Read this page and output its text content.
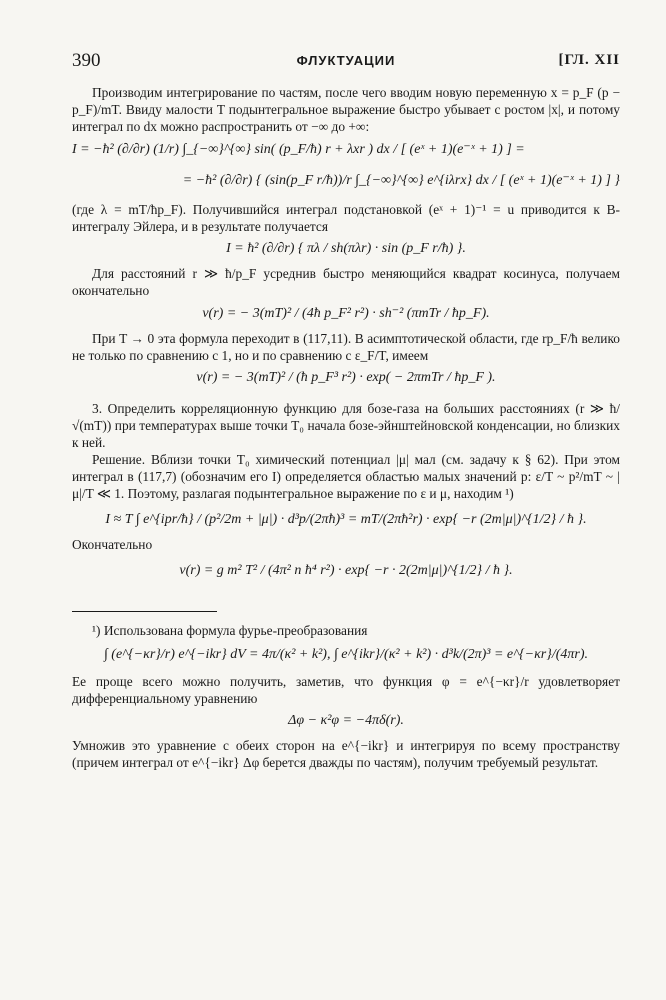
390	ФЛУКТУАЦИИ	[ГЛ. XII

Производим интегрирование по частям, после чего вводим новую переменную x = p_F (p − p_F)/mT. Ввиду малости T подынтегральное выражение быстро убывает с ростом |x|, и потому интеграл по dx можно распространить от −∞ до +∞:

I = −ħ² (∂/∂r) (1/r) ∫_{−∞}^{∞} sin( (p_F/ħ) r + λxr ) dx / [ (eˣ + 1)(e⁻ˣ + 1) ] =

= −ħ² (∂/∂r) { (sin(p_F r/ħ))/r ∫_{−∞}^{∞} e^{iλrx} dx / [ (eˣ + 1)(e⁻ˣ + 1) ] }

(где λ = mT/ħp_F). Получившийся интеграл подстановкой (eˣ + 1)⁻¹ = u приводится к B-интегралу Эйлера, и в результате получается

I = ħ² (∂/∂r) { πλ / sh(πλr) · sin (p_F r/ħ) }.

Для расстояний r ≫ ħ/p_F усреднив быстро меняющийся квадрат косинуса, получаем окончательно

ν(r) = − 3(mT)² / (4ħ p_F² r²) · sh⁻² (πmTr / ħp_F).

При T → 0 эта формула переходит в (117,11). В асимптотической области, где rp_F/ħ велико не только по сравнению с 1, но и по сравнению с ε_F/T, имеем

ν(r) = − 3(mT)² / (ħ p_F³ r²) · exp( − 2πmTr / ħp_F ).

3. Определить корреляционную функцию для бозе-газа на больших расстояниях (r ≫ ħ/√(mT)) при температурах выше точки T₀ начала бозе-эйнштейновской конденсации, но близких к ней.

Решение. Вблизи точки T₀ химический потенциал |μ| мал (см. задачу к § 62). При этом интеграл в (117,7) (обозначим его I) определяется областью малых значений p: ε/T ~ p²/mT ~ |μ|/T ≪ 1. Поэтому, разлагая подынтегральное выражение по ε и μ, находим ¹)

I ≈ T ∫ e^{ipr/ħ} / (p²/2m + |μ|) · d³p/(2πħ)³ = mT/(2πħ²r) · exp{ −r (2m|μ|)^{1/2} / ħ }.

Окончательно

ν(r) = g m² T² / (4π² n ħ⁴ r²) · exp{ −r · 2(2m|μ|)^{1/2} / ħ }.

¹) Использована формула фурье-преобразования

∫ (e^{−κr}/r) e^{−ikr} dV = 4π/(κ² + k²), ∫ e^{ikr}/(κ² + k²) · d³k/(2π)³ = e^{−κr}/(4πr).

Ее проще всего можно получить, заметив, что функция φ = e^{−κr}/r удовлетворяет дифференциальному уравнению

Δφ − κ²φ = −4πδ(r).

Умножив это уравнение с обеих сторон на e^{−ikr} и интегрируя по всему пространству (причем интеграл от e^{−ikr} Δφ берется дважды по частям), получим требуемый результат.
